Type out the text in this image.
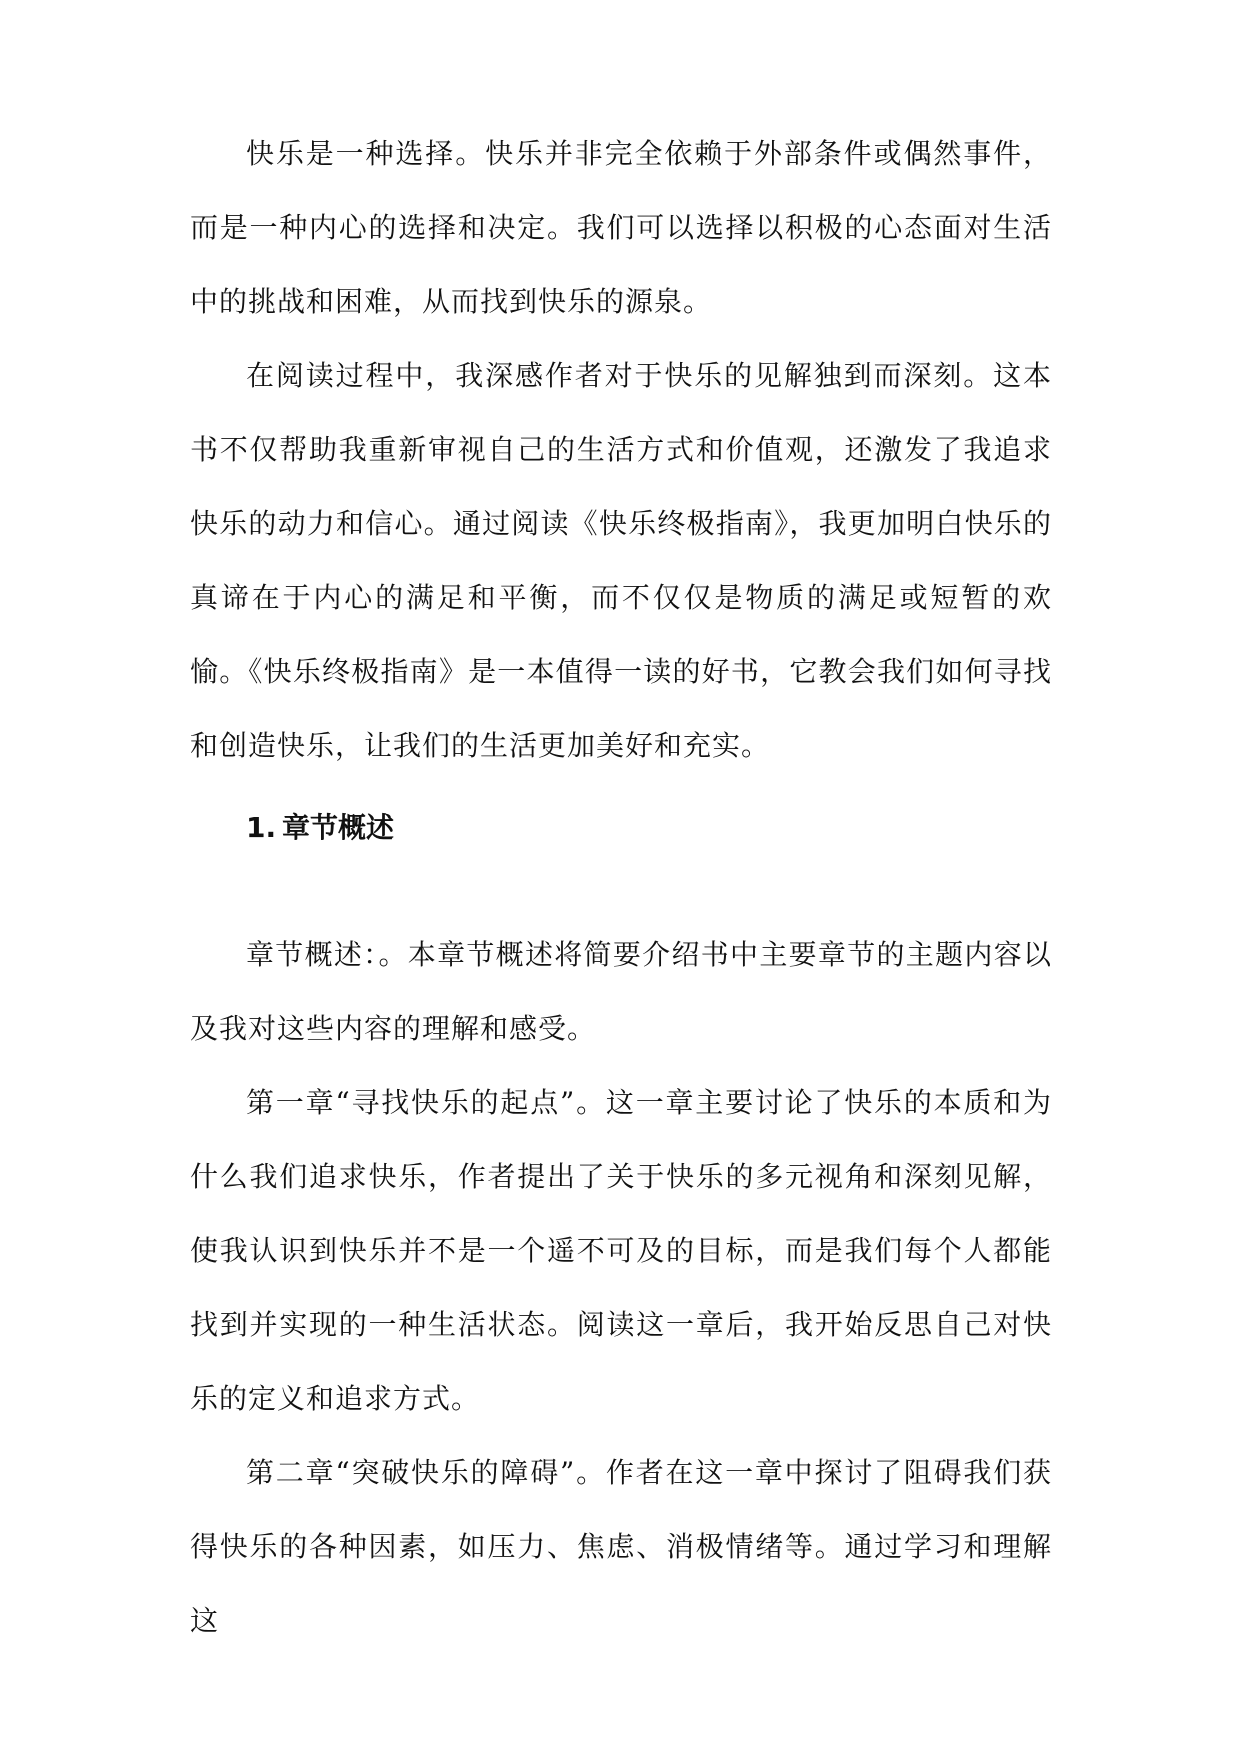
快乐是一种选择。快乐并非完全依赖于外部条件或偶然事件，而是一种内心的选择和决定。我们可以选择以积极的心态面对生活中的挑战和困难，从而找到快乐的源泉。

在阅读过程中，我深感作者对于快乐的见解独到而深刻。这本书不仅帮助我重新审视自己的生活方式和价值观，还激发了我追求快乐的动力和信心。通过阅读《快乐终极指南》，我更加明白快乐的真谛在于内心的满足和平衡，而不仅仅是物质的满足或短暂的欢愉。《快乐终极指南》是一本值得一读的好书，它教会我们如何寻找和创造快乐，让我们的生活更加美好和充实。

1. 章节概述

章节概述：。本章节概述将简要介绍书中主要章节的主题内容以及我对这些内容的理解和感受。

第一章“寻找快乐的起点”。这一章主要讨论了快乐的本质和为什么我们追求快乐，作者提出了关于快乐的多元视角和深刻见解，使我认识到快乐并不是一个遥不可及的目标，而是我们每个人都能找到并实现的一种生活状态。阅读这一章后，我开始反思自己对快乐的定义和追求方式。

第二章“突破快乐的障碍”。作者在这一章中探讨了阻碍我们获得快乐的各种因素，如压力、焦虑、消极情绪等。通过学习和理解这
